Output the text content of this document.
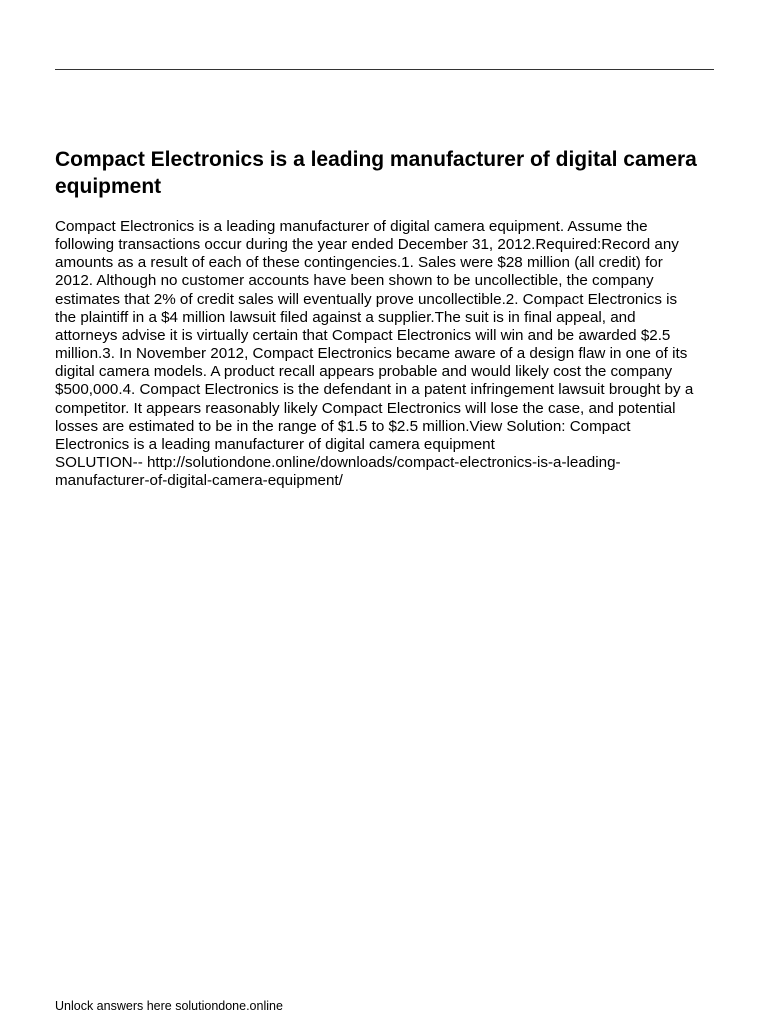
Compact Electronics is a leading manufacturer of digital camera equipment
Compact Electronics is a leading manufacturer of digital camera equipment. Assume the
following transactions occur during the year ended December 31, 2012.Required:Record any
amounts as a result of each of these contingencies.1. Sales were $28 million (all credit) for
2012. Although no customer accounts have been shown to be uncollectible, the company
estimates that 2% of credit sales will eventually prove uncollectible.2. Compact Electronics is
the plaintiff in a $4 million lawsuit filed against a supplier.The suit is in final appeal, and
attorneys advise it is virtually certain that Compact Electronics will win and be awarded $2.5
million.3. In November 2012, Compact Electronics became aware of a design flaw in one of its
digital camera models. A product recall appears probable and would likely cost the company
$500,000.4. Compact Electronics is the defendant in a patent infringement lawsuit brought by a
competitor. It appears reasonably likely Compact Electronics will lose the case, and potential
losses are estimated to be in the range of $1.5 to $2.5 million.View Solution: Compact
Electronics is a leading manufacturer of digital camera equipment
SOLUTION-- http://solutiondone.online/downloads/compact-electronics-is-a-leading-
manufacturer-of-digital-camera-equipment/

Unlock answers here solutiondone.online
